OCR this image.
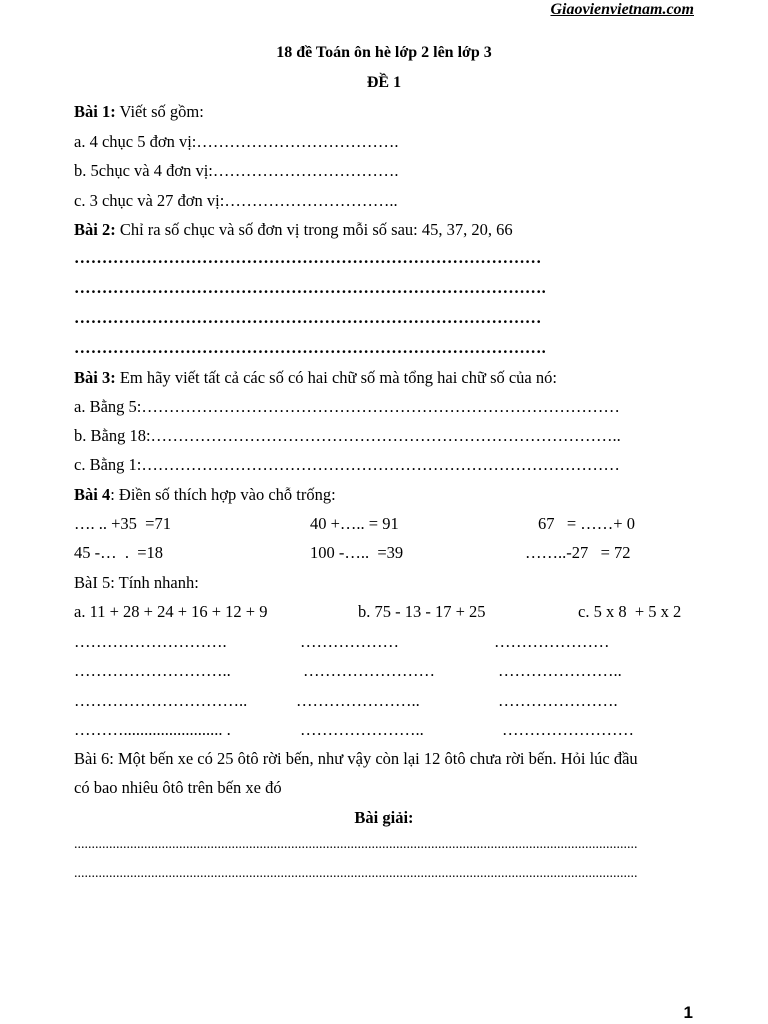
Giaovienvietnam.com
18 đề Toán ôn hè lớp 2 lên lớp 3
ĐỀ 1
Bài 1: Viết số gồm:
a. 4 chục 5 đơn vị:……………………………….
b. 5chục và 4 đơn vị:…………………………….
c. 3 chục và 27 đơn vị:…………………………..
Bài 2: Chỉ ra số chục và số đơn vị trong mỗi số sau: 45, 37, 20, 66
…………………………………………………………………………
………………………………………………………………………….
…………………………………………………………………………
………………………………………………………………………….
Bài 3: Em hãy viết tất cả các số có hai chữ số mà tổng hai chữ số của nó:
a. Bằng 5:……………………………………………………………………………
b. Bằng 18:…………………………………………………………………………..
c. Bằng 1:……………………………………………………………………………
Bài 4: Điền số thích hợp vào chỗ trống:
…. .. +35  =71	40 +….. = 91	67   = ……+ 0
45 -…  .  =18	100 -…..  =39	……..-27   = 72
BàI 5: Tính nhanh:
a. 11 + 28 + 24 + 16 + 12 + 9	b. 75 - 13 - 17 + 25	c. 5 x 8  + 5 x 2
……………………….	………………	…………………
………………………..	……………………	…………………..
…………………………..	…………………..	………………….
………........................ .	…………………..	……………………
Bài 6: Một bến xe có 25 ôtô rời bến, như vậy còn lại 12 ôtô chưa rời bến. Hỏi lúc đầu
có bao nhiêu ôtô trên bến xe đó
Bài giải:
.................................................................................................................................................................
.................................................................................................................................................................
1
